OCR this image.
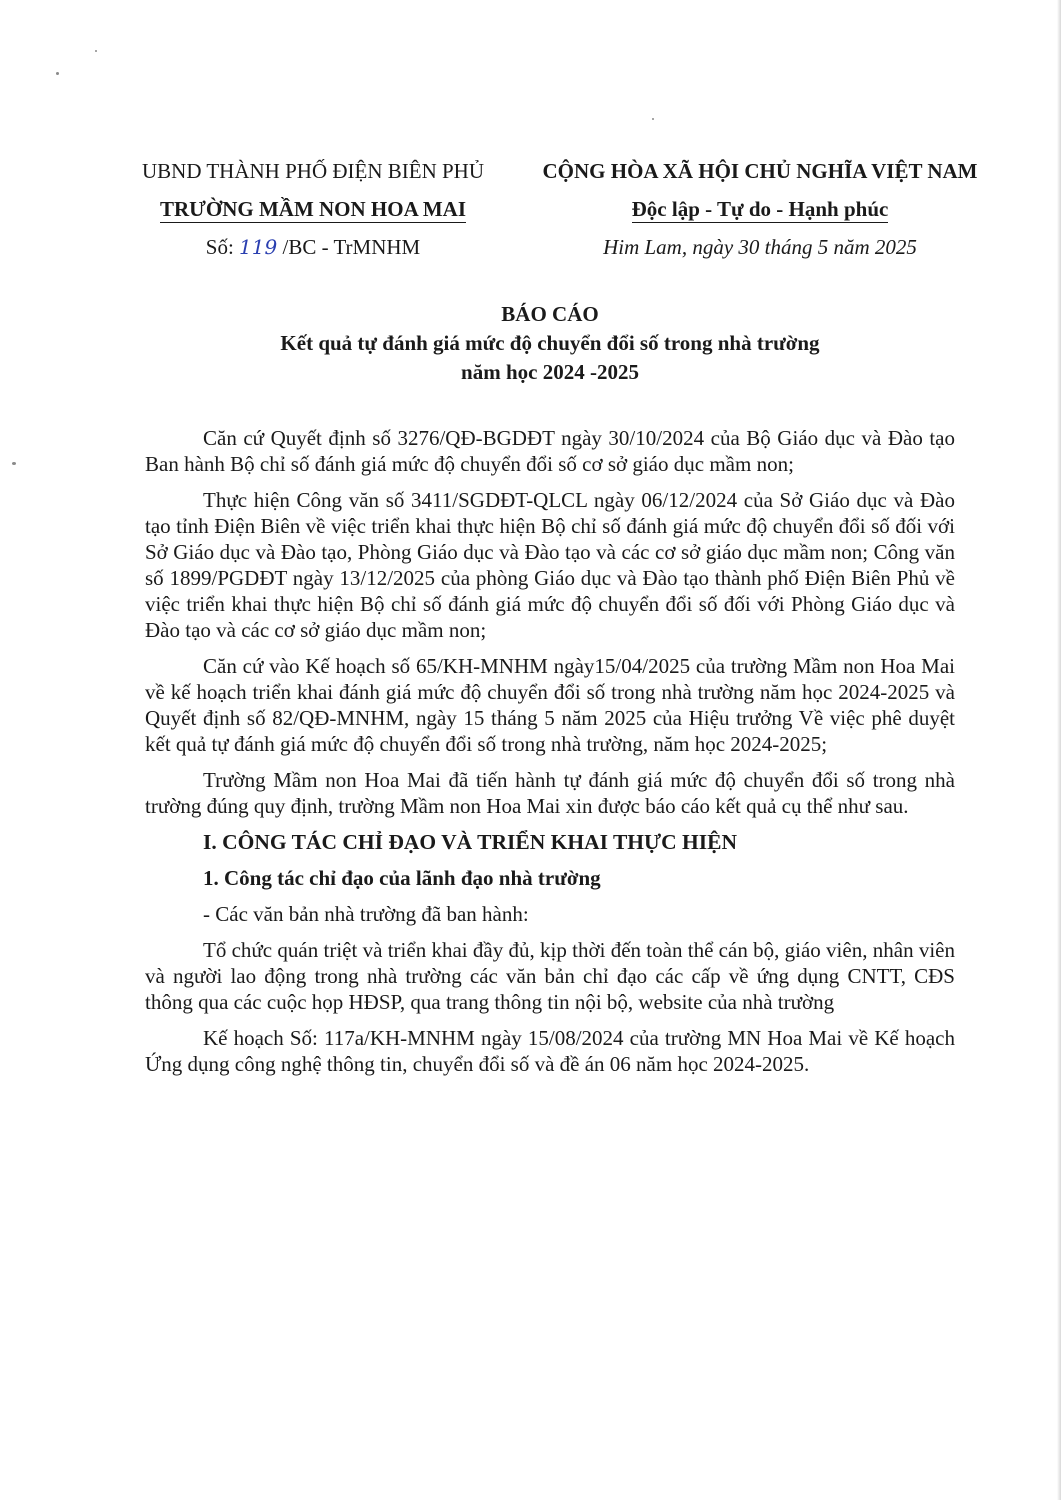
UBND THÀNH PHỐ ĐIỆN BIÊN PHỦ
TRƯỜNG MẦM NON HOA MAI
Số: 119 /BC - TrMNHM
CỘNG HÒA XÃ HỘI CHỦ NGHĨA VIỆT NAM
Độc lập - Tự do - Hạnh phúc
Him Lam, ngày 30 tháng 5 năm 2025
BÁO CÁO
Kết quả tự đánh giá mức độ chuyển đổi số trong nhà trường
năm học 2024 -2025

Căn cứ Quyết định số 3276/QĐ-BGDĐT ngày 30/10/2024 của Bộ Giáo dục và Đào tạo Ban hành Bộ chỉ số đánh giá mức độ chuyển đổi số cơ sở giáo dục mầm non;

Thực hiện Công văn số 3411/SGDĐT-QLCL ngày 06/12/2024 của Sở Giáo dục và Đào tạo tỉnh Điện Biên về việc triển khai thực hiện Bộ chỉ số đánh giá mức độ chuyển đổi số đối với Sở Giáo dục và Đào tạo, Phòng Giáo dục và Đào tạo và các cơ sở giáo dục mầm non; Công văn số 1899/PGDĐT ngày 13/12/2025 của phòng Giáo dục và Đào tạo thành phố Điện Biên Phủ về việc triển khai thực hiện Bộ chỉ số đánh giá mức độ chuyển đổi số đối với Phòng Giáo dục và Đào tạo và các cơ sở giáo dục mầm non;

Căn cứ vào Kế hoạch số 65/KH-MNHM ngày15/04/2025 của trường Mầm non Hoa Mai về kế hoạch triển khai đánh giá mức độ chuyển đổi số trong nhà trường năm học 2024-2025 và Quyết định số 82/QĐ-MNHM, ngày 15 tháng 5 năm 2025 của Hiệu trưởng Về việc phê duyệt kết quả tự đánh giá mức độ chuyển đổi số trong nhà trường, năm học 2024-2025;

Trường Mầm non Hoa Mai đã tiến hành tự đánh giá mức độ chuyển đổi số trong nhà trường đúng quy định, trường Mầm non Hoa Mai xin được báo cáo kết quả cụ thể như sau.

I. CÔNG TÁC CHỈ ĐẠO VÀ TRIỂN KHAI THỰC HIỆN

1. Công tác chỉ đạo của lãnh đạo nhà trường

- Các văn bản nhà trường đã ban hành:

Tổ chức quán triệt và triển khai đầy đủ, kịp thời đến toàn thể cán bộ, giáo viên, nhân viên và người lao động trong nhà trường các văn bản chỉ đạo các cấp về ứng dụng CNTT, CĐS thông qua các cuộc họp HĐSP, qua trang thông tin nội bộ, website của nhà trường

Kế hoạch Số: 117a/KH-MNHM ngày 15/08/2024 của trường MN Hoa Mai về Kế hoạch Ứng dụng công nghệ thông tin, chuyển đổi số và đề án 06 năm học 2024-2025.
